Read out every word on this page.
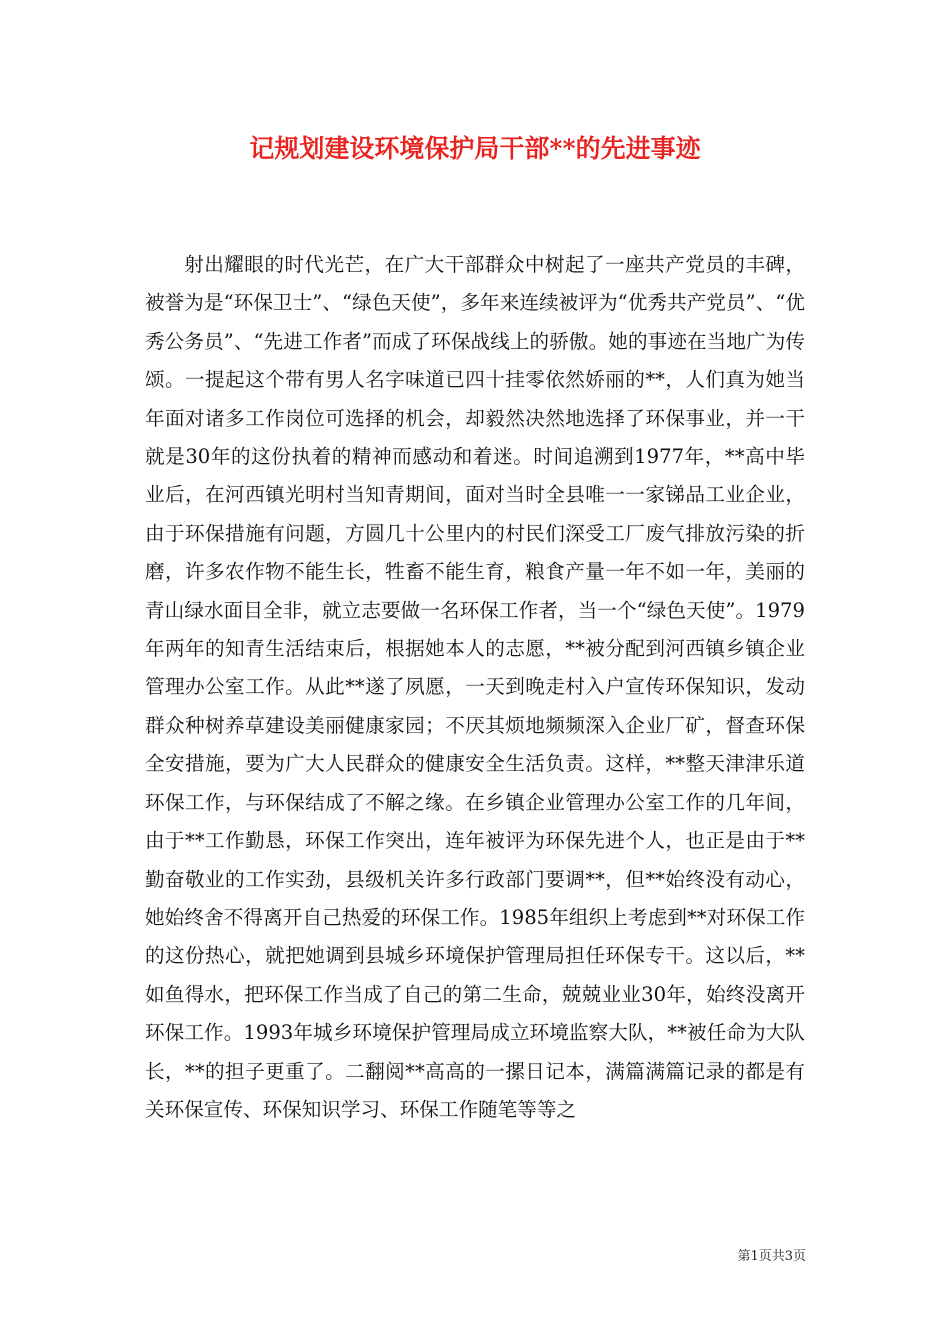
记规划建设环境保护局干部**的先进事迹

射出耀眼的时代光芒，在广大干部群众中树起了一座共产党员的丰碑，被誉为是“环保卫士”、“绿色天使”，多年来连续被评为“优秀共产党员”、“优秀公务员”、“先进工作者”而成了环保战线上的骄傲。她的事迹在当地广为传颂。一提起这个带有男人名字味道已四十挂零依然娇丽的**，人们真为她当年面对诸多工作岗位可选择的机会，却毅然决然地选择了环保事业，并一干就是30年的这份执着的精神而感动和着迷。时间追溯到1977年，**高中毕业后，在河西镇光明村当知青期间，面对当时全县唯一一家锑品工业企业，由于环保措施有问题，方圆几十公里内的村民们深受工厂废气排放污染的折磨，许多农作物不能生长，牲畜不能生育，粮食产量一年不如一年，美丽的青山绿水面目全非，就立志要做一名环保工作者，当一个“绿色天使”。1979年两年的知青生活结束后，根据她本人的志愿，**被分配到河西镇乡镇企业管理办公室工作。从此**遂了夙愿，一天到晚走村入户宣传环保知识，发动群众种树养草建设美丽健康家园；不厌其烦地频频深入企业厂矿，督查环保全安措施，要为广大人民群众的健康安全生活负责。这样，**整天津津乐道环保工作，与环保结成了不解之缘。在乡镇企业管理办公室工作的几年间，由于**工作勤恳，环保工作突出，连年被评为环保先进个人，也正是由于**勤奋敬业的工作实劲，县级机关许多行政部门要调**，但**始终没有动心，她始终舍不得离开自己热爱的环保工作。1985年组织上考虑到**对环保工作的这份热心，就把她调到县城乡环境保护管理局担任环保专干。这以后，**如鱼得水，把环保工作当成了自己的第二生命，兢兢业业30年，始终没离开环保工作。1993年城乡环境保护管理局成立环境监察大队，**被任命为大队长，**的担子更重了。二翻阅**高高的一摞日记本，满篇满篇记录的都是有关环保宣传、环保知识学习、环保工作随笔等等之

第1页共3页
